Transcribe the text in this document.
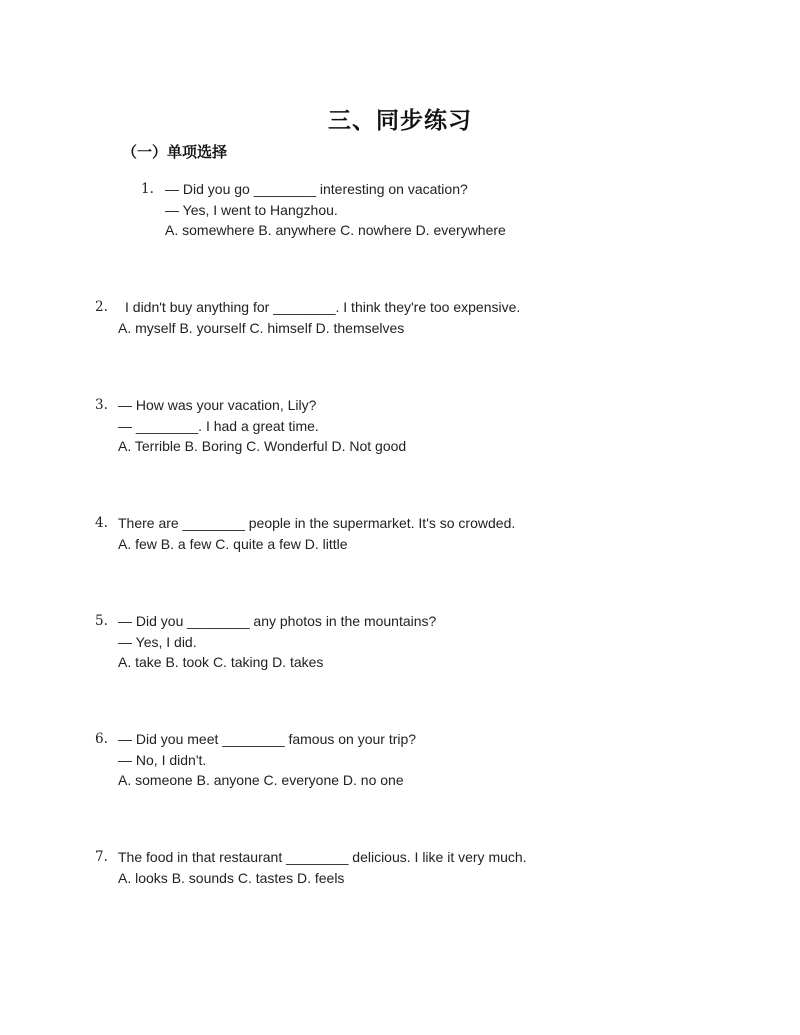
三、同步练习
（一）单项选择
1. — Did you go ________ interesting on vacation?
— Yes, I went to Hangzhou.
A. somewhere B. anywhere C. nowhere D. everywhere
2. I didn't buy anything for ________. I think they're too expensive.
A. myself B. yourself C. himself D. themselves
3. — How was your vacation, Lily?
— ________. I had a great time.
A. Terrible B. Boring C. Wonderful D. Not good
4. There are ________ people in the supermarket. It's so crowded.
A. few B. a few C. quite a few D. little
5. — Did you ________ any photos in the mountains?
— Yes, I did.
A. take B. took C. taking D. takes
6. — Did you meet ________ famous on your trip?
— No, I didn't.
A. someone B. anyone C. everyone D. no one
7. The food in that restaurant ________ delicious. I like it very much.
A. looks B. sounds C. tastes D. feels
